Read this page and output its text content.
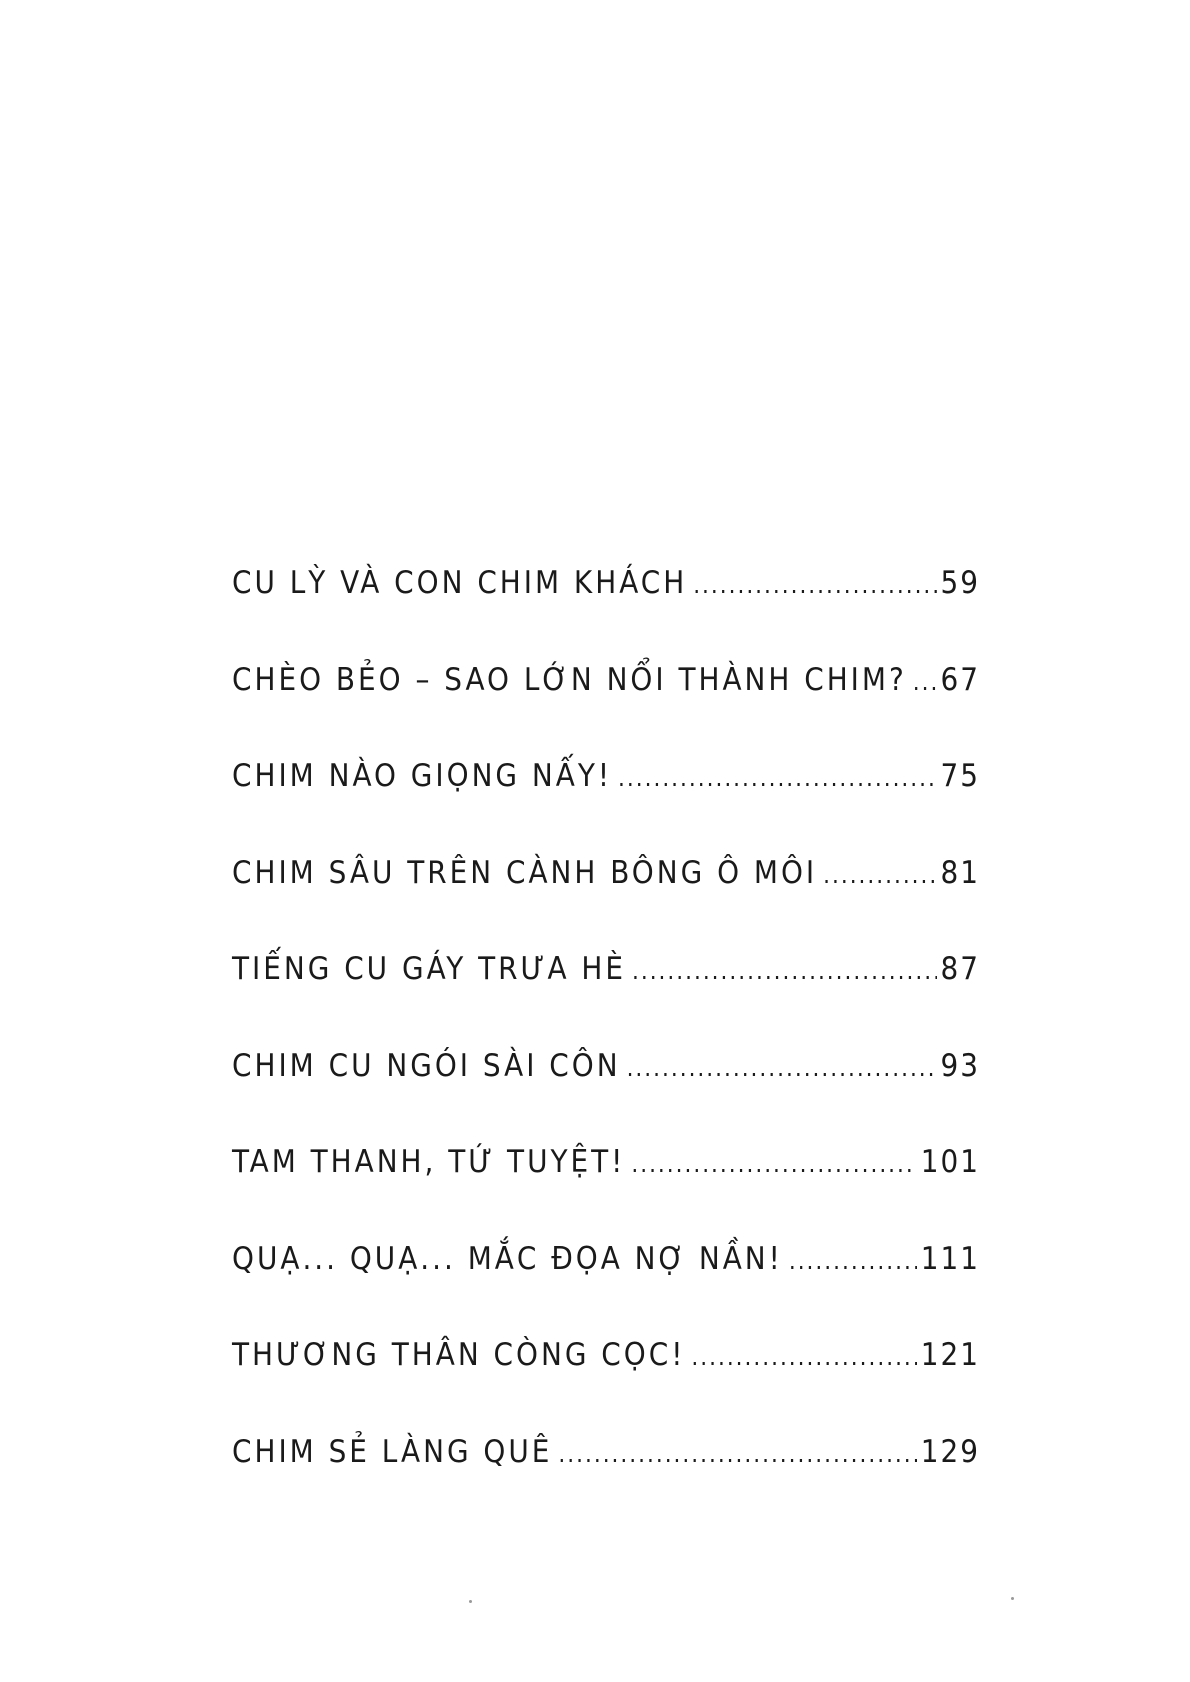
CU LỲ VÀ CON CHIM KHÁCH .....	59
CHÈO BẺO – SAO LỚN NỔI THÀNH CHIM? ..... 67
CHIM NÀO GIỌNG NẤY! .....	75
CHIM SÂU TRÊN CÀNH BÔNG Ô MÔI .....	81
TIẾNG CU GÁY TRƯA HÈ .....	87
CHIM CU NGÓI SÀI CÔN .....	93
TAM THANH, TỨ TUYỆT! .....	101
QUẠ... QUẠ... MẮC ĐỌA NỢ NẦN! .....	111
THƯƠNG THÂN CÒNG CỌC! .....	121
CHIM SẺ LÀNG QUÊ .....	129
